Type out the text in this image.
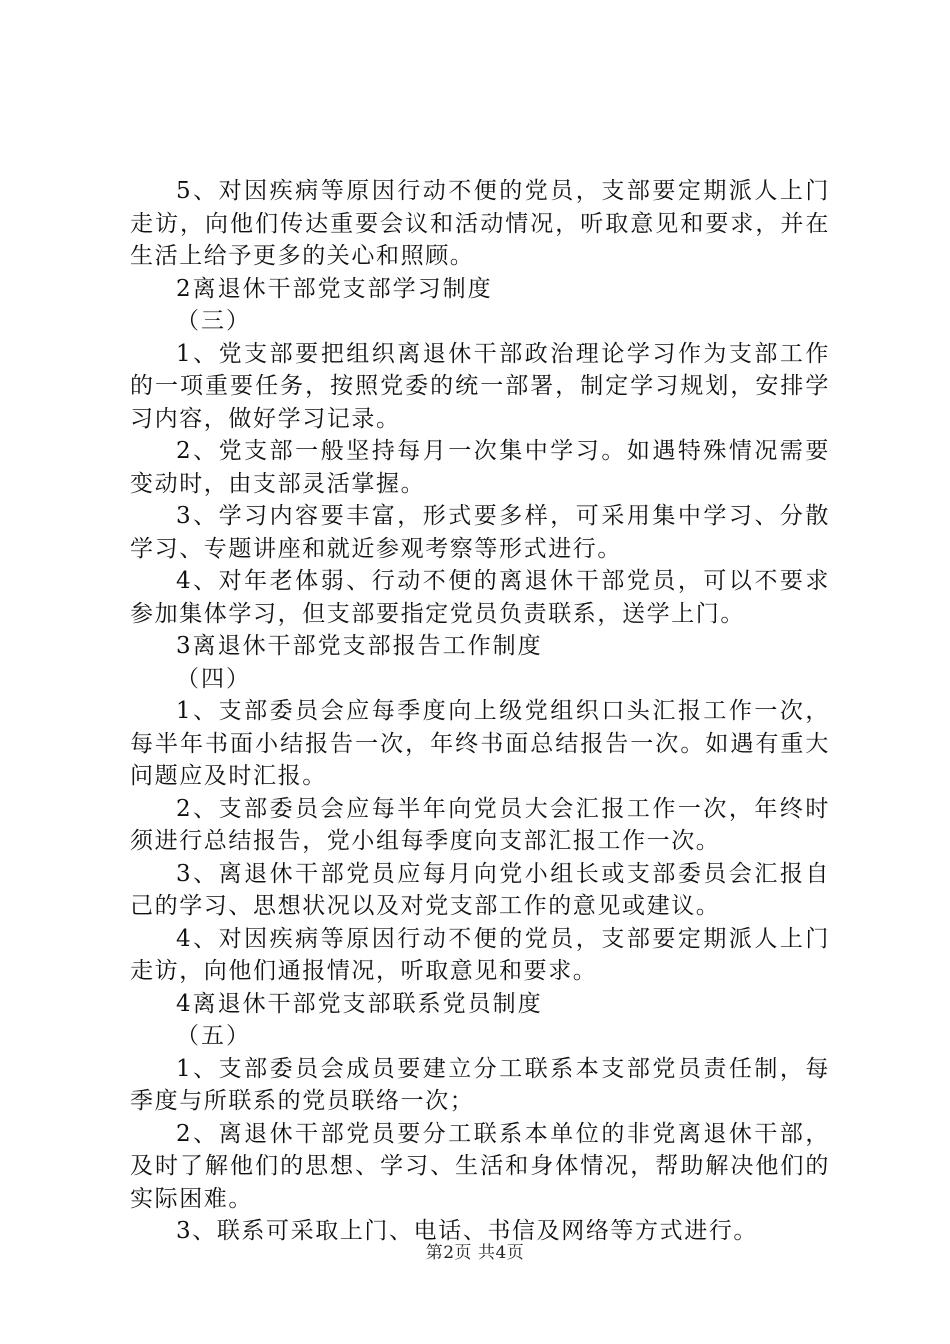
5、对因疾病等原因行动不便的党员，支部要定期派人上门走访，向他们传达重要会议和活动情况，听取意见和要求，并在生活上给予更多的关心和照顾。

2离退休干部党支部学习制度

（三）

1、党支部要把组织离退休干部政治理论学习作为支部工作的一项重要任务，按照党委的统一部署，制定学习规划，安排学习内容，做好学习记录。

2、党支部一般坚持每月一次集中学习。如遇特殊情况需要变动时，由支部灵活掌握。

3、学习内容要丰富，形式要多样，可采用集中学习、分散学习、专题讲座和就近参观考察等形式进行。

4、对年老体弱、行动不便的离退休干部党员，可以不要求参加集体学习，但支部要指定党员负责联系，送学上门。

3离退休干部党支部报告工作制度

（四）

1、支部委员会应每季度向上级党组织口头汇报工作一次，每半年书面小结报告一次，年终书面总结报告一次。如遇有重大问题应及时汇报。

2、支部委员会应每半年向党员大会汇报工作一次，年终时须进行总结报告，党小组每季度向支部汇报工作一次。

3、离退休干部党员应每月向党小组长或支部委员会汇报自己的学习、思想状况以及对党支部工作的意见或建议。

4、对因疾病等原因行动不便的党员，支部要定期派人上门走访，向他们通报情况，听取意见和要求。

4离退休干部党支部联系党员制度

（五）

1、支部委员会成员要建立分工联系本支部党员责任制，每季度与所联系的党员联络一次；

2、离退休干部党员要分工联系本单位的非党离退休干部，及时了解他们的思想、学习、生活和身体情况，帮助解决他们的实际困难。

3、联系可采取上门、电话、书信及网络等方式进行。

第2页 共4页
